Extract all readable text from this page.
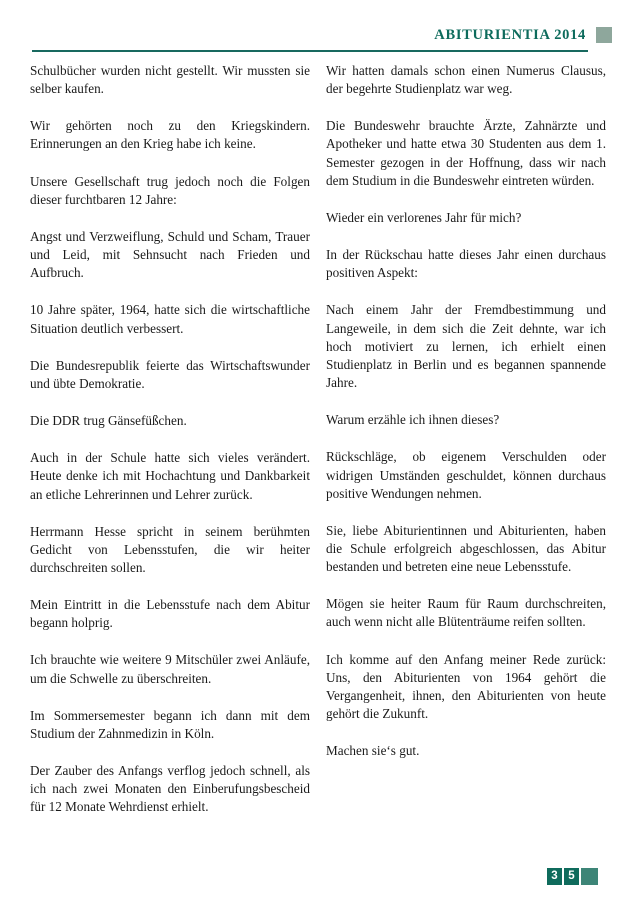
ABITURIENTIA 2014

Schulbücher wurden nicht gestellt. Wir mussten sie selber kaufen.

Wir gehörten noch zu den Kriegskindern. Erinnerungen an den Krieg habe ich keine.

Unsere Gesellschaft trug jedoch noch die Folgen dieser furchtbaren 12 Jahre:

Angst und Verzweiflung, Schuld und Scham, Trauer und Leid, mit Sehnsucht nach Frieden und Aufbruch.

10 Jahre später, 1964, hatte sich die wirtschaftliche Situation deutlich verbessert.

Die Bundesrepublik feierte das Wirtschaftswunder und übte Demokratie.

Die DDR trug Gänsefüßchen.

Auch in der Schule hatte sich vieles verändert. Heute denke ich mit Hochachtung und Dankbarkeit an etliche Lehrerinnen und Lehrer zurück.

Herrmann Hesse spricht in seinem berühmten Gedicht von Lebensstufen, die wir heiter durchschreiten sollen.

Mein Eintritt in die Lebensstufe nach dem Abitur begann holprig.

Ich brauchte wie weitere 9 Mitschüler zwei Anläufe, um die Schwelle zu überschreiten.

Im Sommersemester begann ich dann mit dem Studium der Zahnmedizin in Köln.

Der Zauber des Anfangs verflog jedoch schnell, als ich nach zwei Monaten den Einberufungsbescheid für 12 Monate Wehrdienst erhielt.

Wir hatten damals schon einen Numerus Clausus, der begehrte Studienplatz war weg.

Die Bundeswehr brauchte Ärzte, Zahnärzte und Apotheker und hatte etwa 30 Studenten aus dem 1. Semester gezogen in der Hoffnung, dass wir nach dem Studium in die Bundeswehr eintreten würden.

Wieder ein verlorenes Jahr für mich?

In der Rückschau hatte dieses Jahr einen durchaus positiven Aspekt:

Nach einem Jahr der Fremdbestimmung und Langeweile, in dem sich die Zeit dehnte, war ich hoch motiviert zu lernen, ich erhielt einen Studienplatz in Berlin und es begannen spannende Jahre.

Warum erzähle ich ihnen dieses?

Rückschläge, ob eigenem Verschulden oder widrigen Umständen geschuldet, können durchaus positive Wendungen nehmen.

Sie, liebe Abiturientinnen und Abiturienten, haben die Schule erfolgreich abgeschlossen, das Abitur bestanden und betreten eine neue Lebensstufe.

Mögen sie heiter Raum für Raum durchschreiten, auch wenn nicht alle Blütenträume reifen sollten.

Ich komme auf den Anfang meiner Rede zurück: Uns, den Abiturienten von 1964 gehört die Vergangenheit, ihnen, den Abiturienten von heute gehört die Zukunft.

Machen sie‘s gut.

3 5
